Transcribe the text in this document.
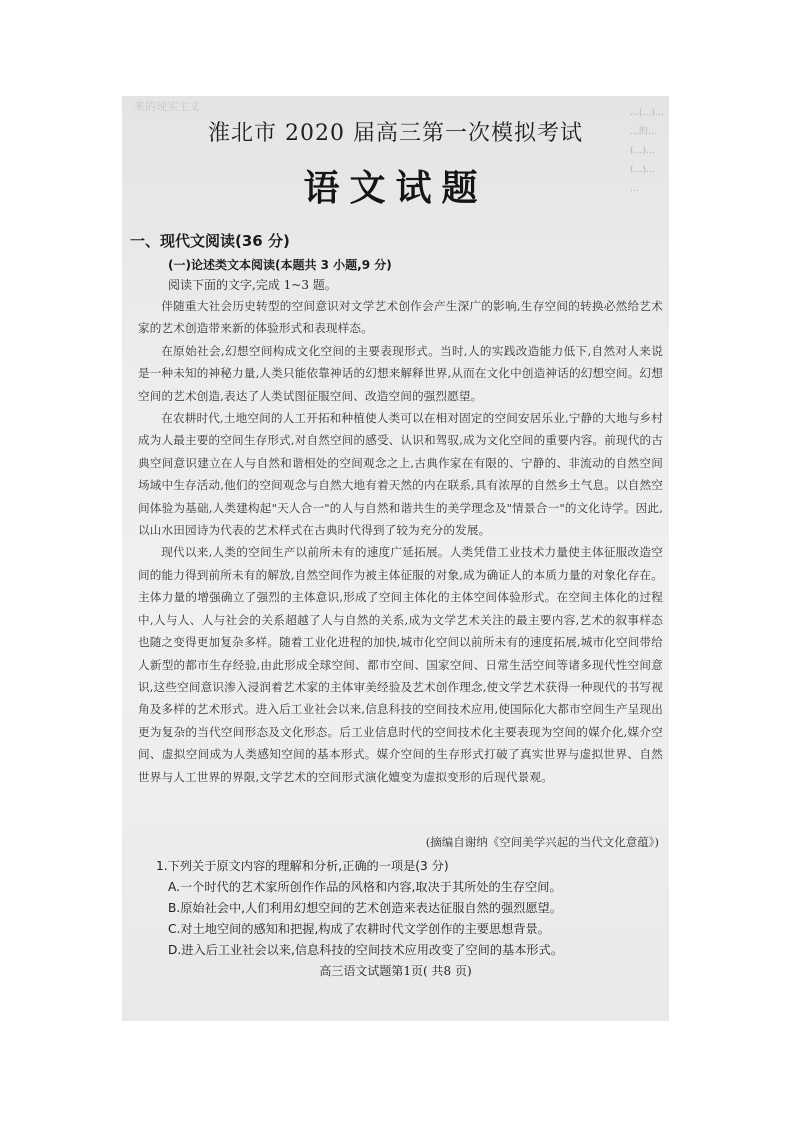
来的现实主义	…(…)…
…的…
(…)…
(…)…
…
淮北市 2020 届高三第一次模拟考试
语文试题
一、现代文阅读(36 分)
(一)论述类文本阅读(本题共 3 小题,9 分)
阅读下面的文字,完成 1~3 题。

伴随重大社会历史转型的空间意识对文学艺术创作会产生深广的影响,生存空间的转换必然给艺术家的艺术创造带来新的体验形式和表现样态。

在原始社会,幻想空间构成文化空间的主要表现形式。当时,人的实践改造能力低下,自然对人来说是一种未知的神秘力量,人类只能依靠神话的幻想来解释世界,从而在文化中创造神话的幻想空间。幻想空间的艺术创造,表达了人类试图征服空间、改造空间的强烈愿望。

在农耕时代,土地空间的人工开拓和种植使人类可以在相对固定的空间安居乐业,宁静的大地与乡村成为人最主要的空间生存形式,对自然空间的感受、认识和驾驭,成为文化空间的重要内容。前现代的古典空间意识建立在人与自然和谐相处的空间观念之上,古典作家在有限的、宁静的、非流动的自然空间场域中生存活动,他们的空间观念与自然大地有着天然的内在联系,具有浓厚的自然乡土气息。以自然空间体验为基础,人类建构起"天人合一"的人与自然和谐共生的美学理念及"情景合一"的文化诗学。因此,以山水田园诗为代表的艺术样式在古典时代得到了较为充分的发展。

现代以来,人类的空间生产以前所未有的速度广延拓展。人类凭借工业技术力量使主体征服改造空间的能力得到前所未有的解放,自然空间作为被主体征服的对象,成为确证人的本质力量的对象化存在。主体力量的增强确立了强烈的主体意识,形成了空间主体化的主体空间体验形式。在空间主体化的过程中,人与人、人与社会的关系超越了人与自然的关系,成为文学艺术关注的最主要内容,艺术的叙事样态也随之变得更加复杂多样。随着工业化进程的加快,城市化空间以前所未有的速度拓展,城市化空间带给人新型的都市生存经验,由此形成全球空间、都市空间、国家空间、日常生活空间等诸多现代性空间意识,这些空间意识渗入浸润着艺术家的主体审美经验及艺术创作理念,使文学艺术获得一种现代的书写视角及多样的艺术形式。进入后工业社会以来,信息科技的空间技术应用,使国际化大都市空间生产呈现出更为复杂的当代空间形态及文化形态。后工业信息时代的空间技术化主要表现为空间的媒介化,媒介空间、虚拟空间成为人类感知空间的基本形式。媒介空间的生存形式打破了真实世界与虚拟世界、自然世界与人工世界的界限,文学艺术的空间形式演化嬗变为虚拟变形的后现代景观。

(摘编自谢纳《空间美学兴起的当代文化意蕴》)
1.下列关于原文内容的理解和分析,正确的一项是(3 分)
A.一个时代的艺术家所创作作品的风格和内容,取决于其所处的生存空间。
B.原始社会中,人们利用幻想空间的艺术创造来表达征服自然的强烈愿望。
C.对土地空间的感知和把握,构成了农耕时代文学创作的主要思想背景。
D.进入后工业社会以来,信息科技的空间技术应用改变了空间的基本形式。
高三语文试题第1页( 共8 页)
